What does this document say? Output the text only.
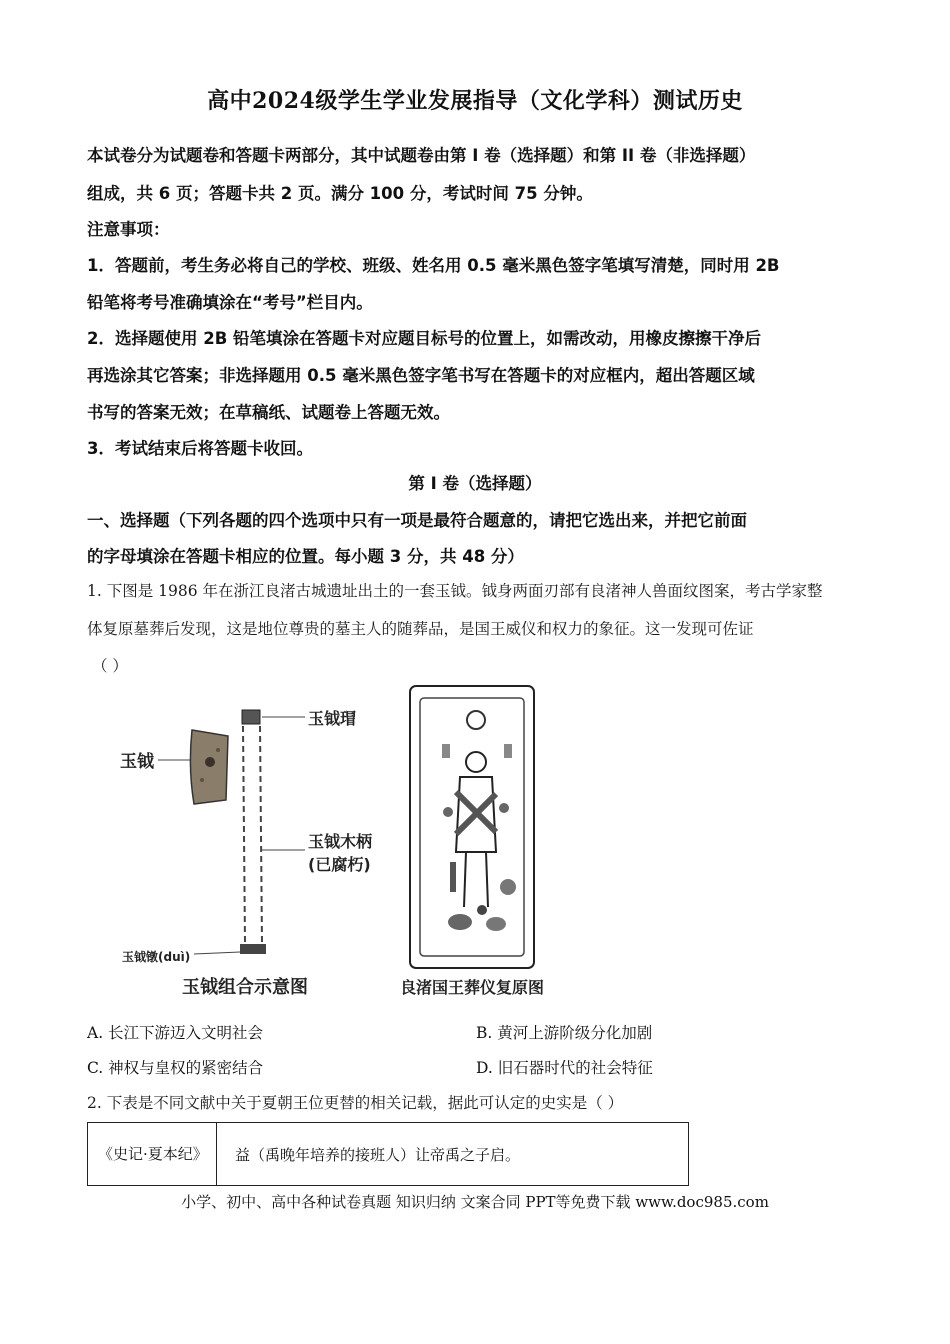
高中2024级学生学业发展指导（文化学科）测试历史
本试卷分为试题卷和答题卡两部分，其中试题卷由第 I 卷（选择题）和第 II 卷（非选择题）
组成，共 6 页；答题卡共 2 页。满分 100 分，考试时间 75 分钟。
注意事项：
1．答题前，考生务必将自己的学校、班级、姓名用 0.5 毫米黑色签字笔填写清楚，同时用 2B
铅笔将考号准确填涂在“考号”栏目内。
2．选择题使用 2B 铅笔填涂在答题卡对应题目标号的位置上，如需改动，用橡皮擦擦干净后
再选涂其它答案；非选择题用 0.5 毫米黑色签字笔书写在答题卡的对应框内，超出答题区域
书写的答案无效；在草稿纸、试题卷上答题无效。
3．考试结束后将答题卡收回。
第 I 卷（选择题）
一、选择题（下列各题的四个选项中只有一项是最符合题意的，请把它选出来，并把它前面
的字母填涂在答题卡相应的位置。每小题 3 分，共 48 分）
1. 下图是 1986 年在浙江良渚古城遗址出土的一套玉钺。钺身两面刃部有良渚神人兽面纹图案，考古学家整
体复原墓葬后发现，这是地位尊贵的墓主人的随葬品，是国王威仪和权力的象征。这一发现可佐证
（ ）
玉钺
玉钺瑁
玉钺木柄
(已腐朽)
玉钺镦(duì)
玉钺组合示意图	良渚国王葬仪复原图
A. 长江下游迈入文明社会	B. 黄河上游阶级分化加剧
C. 神权与皇权的紧密结合	D. 旧石器时代的社会特征
2. 下表是不同文献中关于夏朝王位更替的相关记载，据此可认定的史实是（ ）
《史记·夏本纪》	益（禹晚年培养的接班人）让帝禹之子启。
小学、初中、高中各种试卷真题 知识归纳 文案合同 PPT等免费下载 www.doc985.com
